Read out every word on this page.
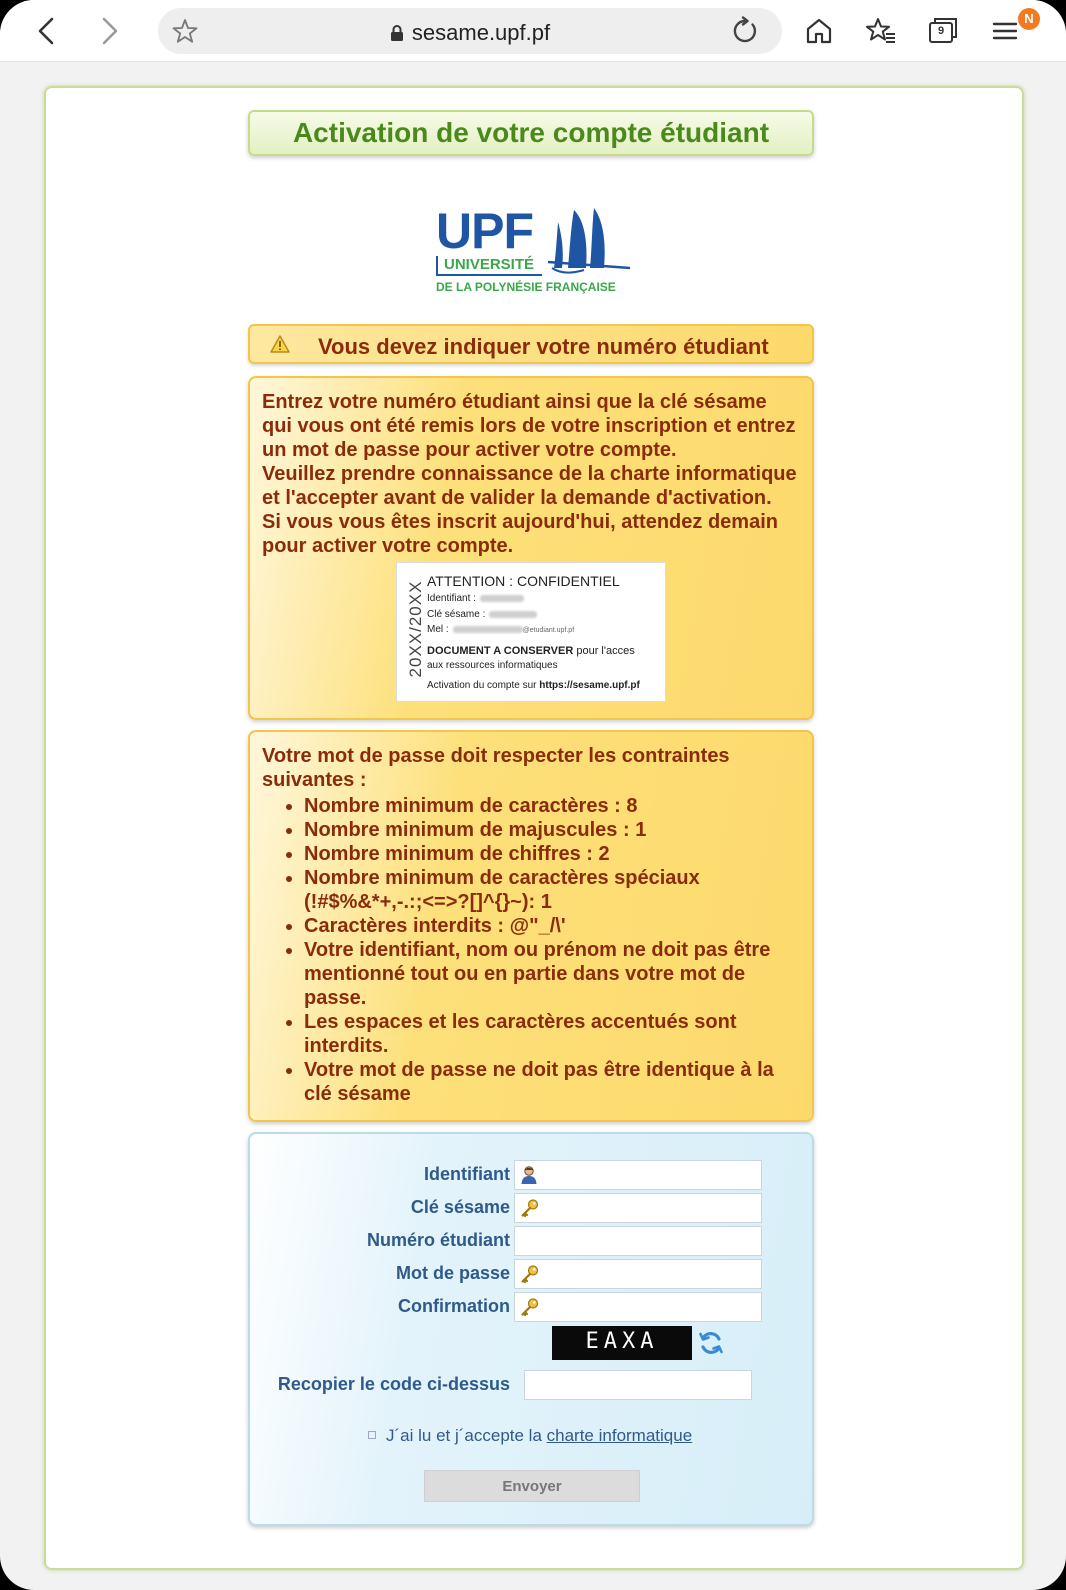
sesame.upf.pf	9
N
Activation de votre compte étudiant
UPF
UNIVERSITÉ
DE LA POLYNÉSIE FRANÇAISE
Vous devez indiquer votre numéro étudiant

Entrez votre numéro étudiant ainsi que la clé sésame qui vous ont été remis lors de votre inscription et entrez un mot de passe pour activer votre compte.

Veuillez prendre connaissance de la charte informatique et l'accepter avant de valider la demande d'activation.

Si vous vous êtes inscrit aujourd'hui, attendez demain pour activer votre compte.

20XX/20XX ATTENTION : CONFIDENTIEL
Identifiant :
Clé sésame :
Mel :	@etudiant.upf.pf
DOCUMENT A CONSERVER pour l'acces
aux ressources informatiques
Activation du compte sur https://sesame.upf.pf
Votre mot de passe doit respecter les contraintes suivantes :
• Nombre minimum de caractères : 8
• Nombre minimum de majuscules : 1
• Nombre minimum de chiffres : 2
• Nombre minimum de caractères spéciaux (!#$%&*+,-.:;<=>?[]^{}~): 1
• Caractères interdits : @"_/\'
• Votre identifiant, nom ou prénom ne doit pas être mentionné tout ou en partie dans votre mot de passe.
• Les espaces et les caractères accentués sont interdits.
• Votre mot de passe ne doit pas être identique à la clé sésame
Identifiant
Clé sésame
Numéro étudiant
Mot de passe
Confirmation
EAXA
Recopier le code ci-dessus
J´ai lu et j´accepte la charte informatique
Envoyer
